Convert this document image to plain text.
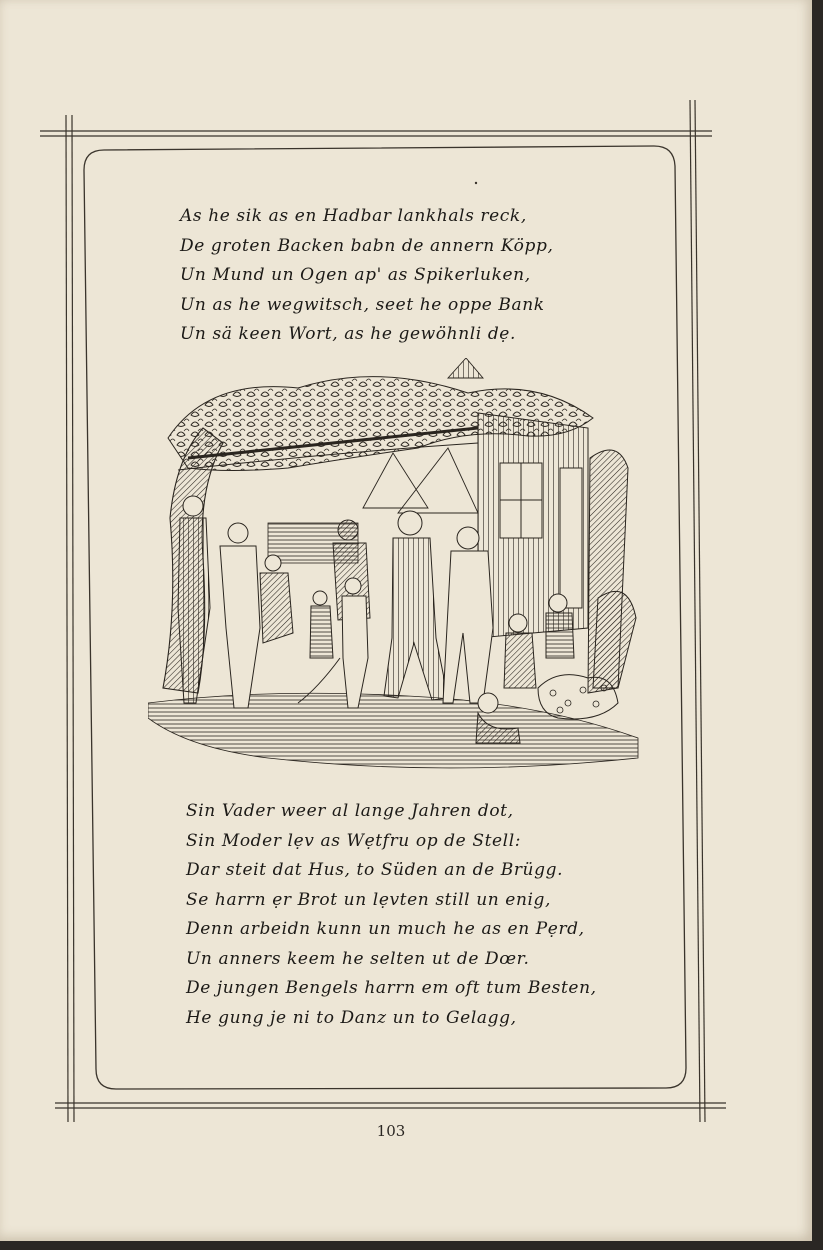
As he sik as en Hadbar lankhals reck,
De groten Backen babn de annern Köpp,
Un Mund un Ogen ap' as Spikerluken,
Un as he wegwitsch, seet he oppe Bank
Un sä keen Wort, as he gewöhnli dẹ.
Sin Vader weer al lange Jahren dot,
Sin Moder lẹv as Wẹtfru op de Stell:
Dar steit dat Hus, to Süden an de Brügg.
Se harrn ẹr Brot un lẹvten still un enig,
Denn arbeidn kunn un much he as en Pẹrd,
Un anners keem he selten ut de Dœr.
De jungen Bengels harrn em oft tum Besten,
He gung je ni to Danz un to Gelagg,
103
